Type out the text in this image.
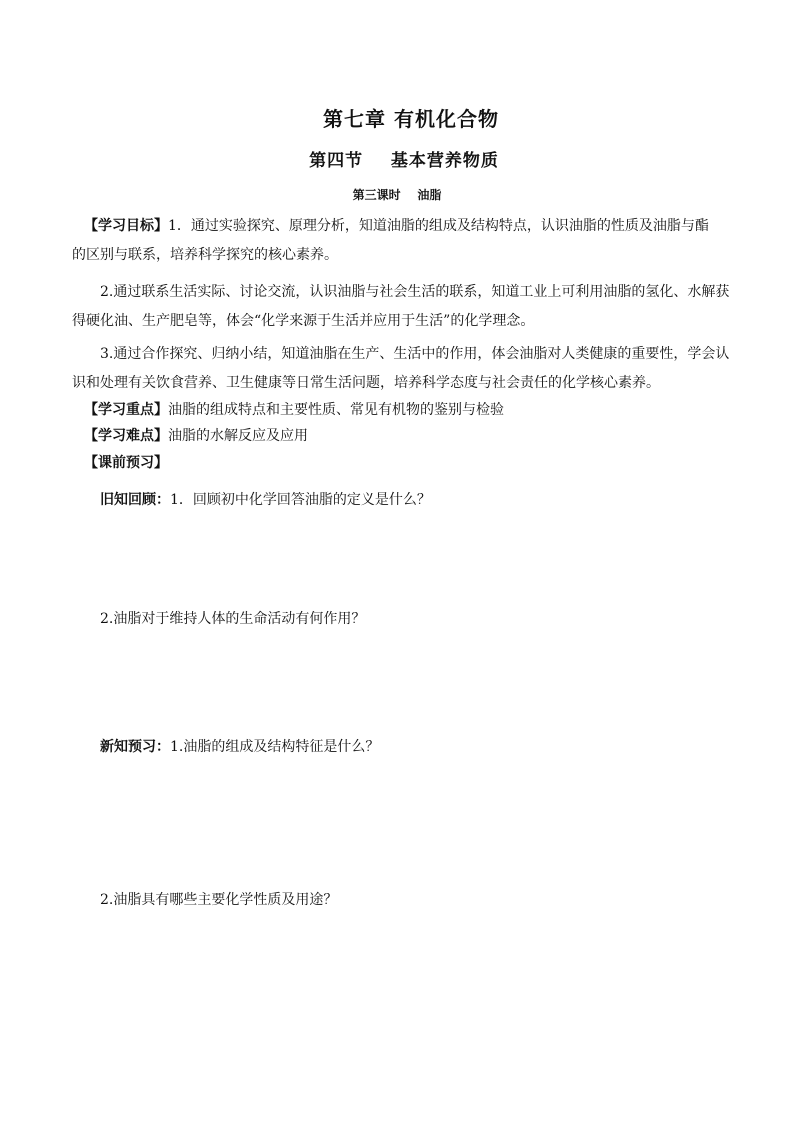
第七章 有机化合物
第四节    基本营养物质
第三课时    油脂
【学习目标】1．通过实验探究、原理分析，知道油脂的组成及结构特点，认识油脂的性质及油脂与酯
的区别与联系，培养科学探究的核心素养。
2.通过联系生活实际、讨论交流，认识油脂与社会生活的联系，知道工业上可利用油脂的氢化、水解获
得硬化油、生产肥皂等，体会“化学来源于生活并应用于生活”的化学理念。
3.通过合作探究、归纳小结，知道油脂在生产、生活中的作用，体会油脂对人类健康的重要性，学会认
识和处理有关饮食营养、卫生健康等日常生活问题，培养科学态度与社会责任的化学核心素养。
【学习重点】油脂的组成特点和主要性质、常见有机物的鉴别与检验
【学习难点】油脂的水解反应及应用
【课前预习】
旧知回顾：1．回顾初中化学回答油脂的定义是什么？
2.油脂对于维持人体的生命活动有何作用？
新知预习：1.油脂的组成及结构特征是什么？
2.油脂具有哪些主要化学性质及用途？
